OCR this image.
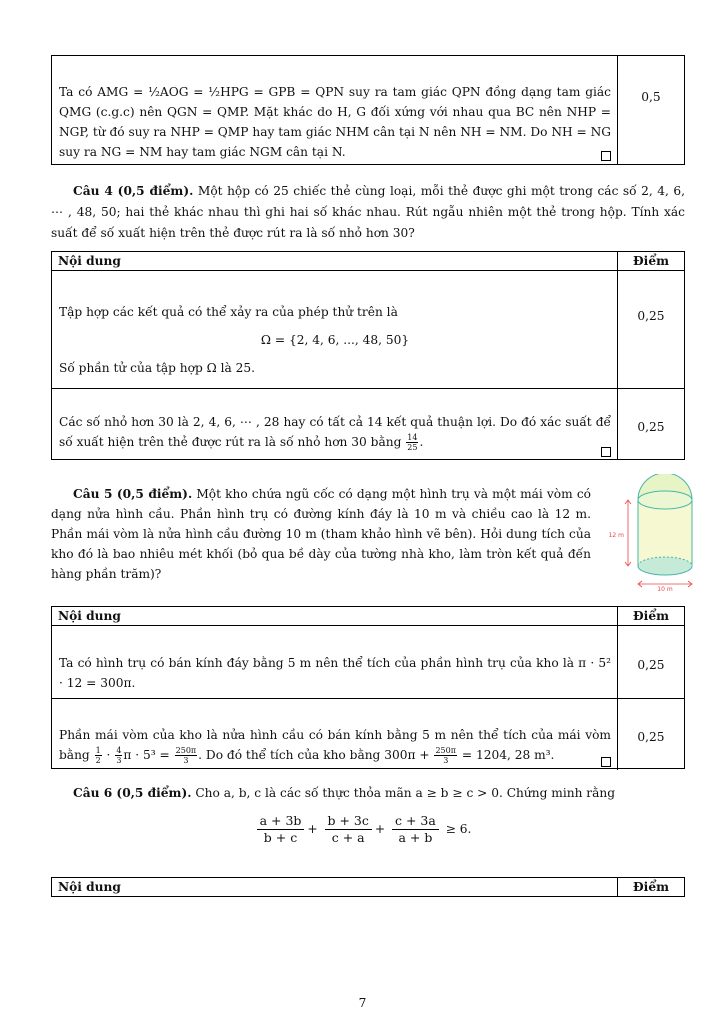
Ta có AMG = ½AOG = ½HPG = GPB = QPN suy ra tam giác QPN đồng dạng tam giác QMG (c.g.c) nên QGN = QMP. Mặt khác do H, G đối xứng với nhau qua BC nên NHP = NGP, từ đó suy ra NHP = QMP hay tam giác NHM cân tại N nên NH = NM. Do NH = NG suy ra NG = NM hay tam giác NGM cân tại N.
0,5
Câu 4 (0,5 điểm). Một hộp có 25 chiếc thẻ cùng loại, mỗi thẻ được ghi một trong các số 2, 4, 6, ⋯ , 48, 50; hai thẻ khác nhau thì ghi hai số khác nhau. Rút ngẫu nhiên một thẻ trong hộp. Tính xác suất để số xuất hiện trên thẻ được rút ra là số nhỏ hơn 30?
Nội dung	Điểm
Tập hợp các kết quả có thể xảy ra của phép thử trên là
Ω = {2, 4, 6, ..., 48, 50}
Số phần tử của tập hợp Ω là 25.
0,25
Các số nhỏ hơn 30 là 2, 4, 6, ⋯ , 28 hay có tất cả 14 kết quả thuận lợi. Do đó xác suất để số xuất hiện trên thẻ được rút ra là số nhỏ hơn 30 bằng $\frac{14}{25}$ .
0,25
Câu 5 (0,5 điểm). Một kho chứa ngũ cốc có dạng một hình trụ và một mái vòm có dạng nửa hình cầu. Phần hình trụ có đường kính đáy là 10 m và chiều cao là 12 m. Phần mái vòm là nửa hình cầu đường 10 m (tham khảo hình vẽ bên). Hỏi dung tích của kho đó là bao nhiêu mét khối (bỏ qua bề dày của tường nhà kho, làm tròn kết quả đến hàng phần trăm)?
12 m
10 m
Nội dung	Điểm
Ta có hình trụ có bán kính đáy bằng 5 m nên thể tích của phần hình trụ của kho là π · 5² · 12 = 300π.
0,25
Phần mái vòm của kho là nửa hình cầu có bán kính bằng 5 m nên thể tích của mái vòm bằng $\frac{1}{2} \cdot \frac{4}{3}$ $\pi \cdot 5^3 = \frac{250\pi}{3}$ . Do đó thể tích của kho bằng $300\pi + \frac{250\pi}{3} = 1204$, 28 m³.
0,25
Câu 6 (0,5 điểm). Cho a, b, c là các số thực thỏa mãn a ≥ b ≥ c > 0. Chứng minh rằng
$\frac{a + 3b}{b + c} + \frac{b + 3c}{c + a} + \frac{c + 3a}{a + b} \ge 6$.
Nội dung	Điểm
7
